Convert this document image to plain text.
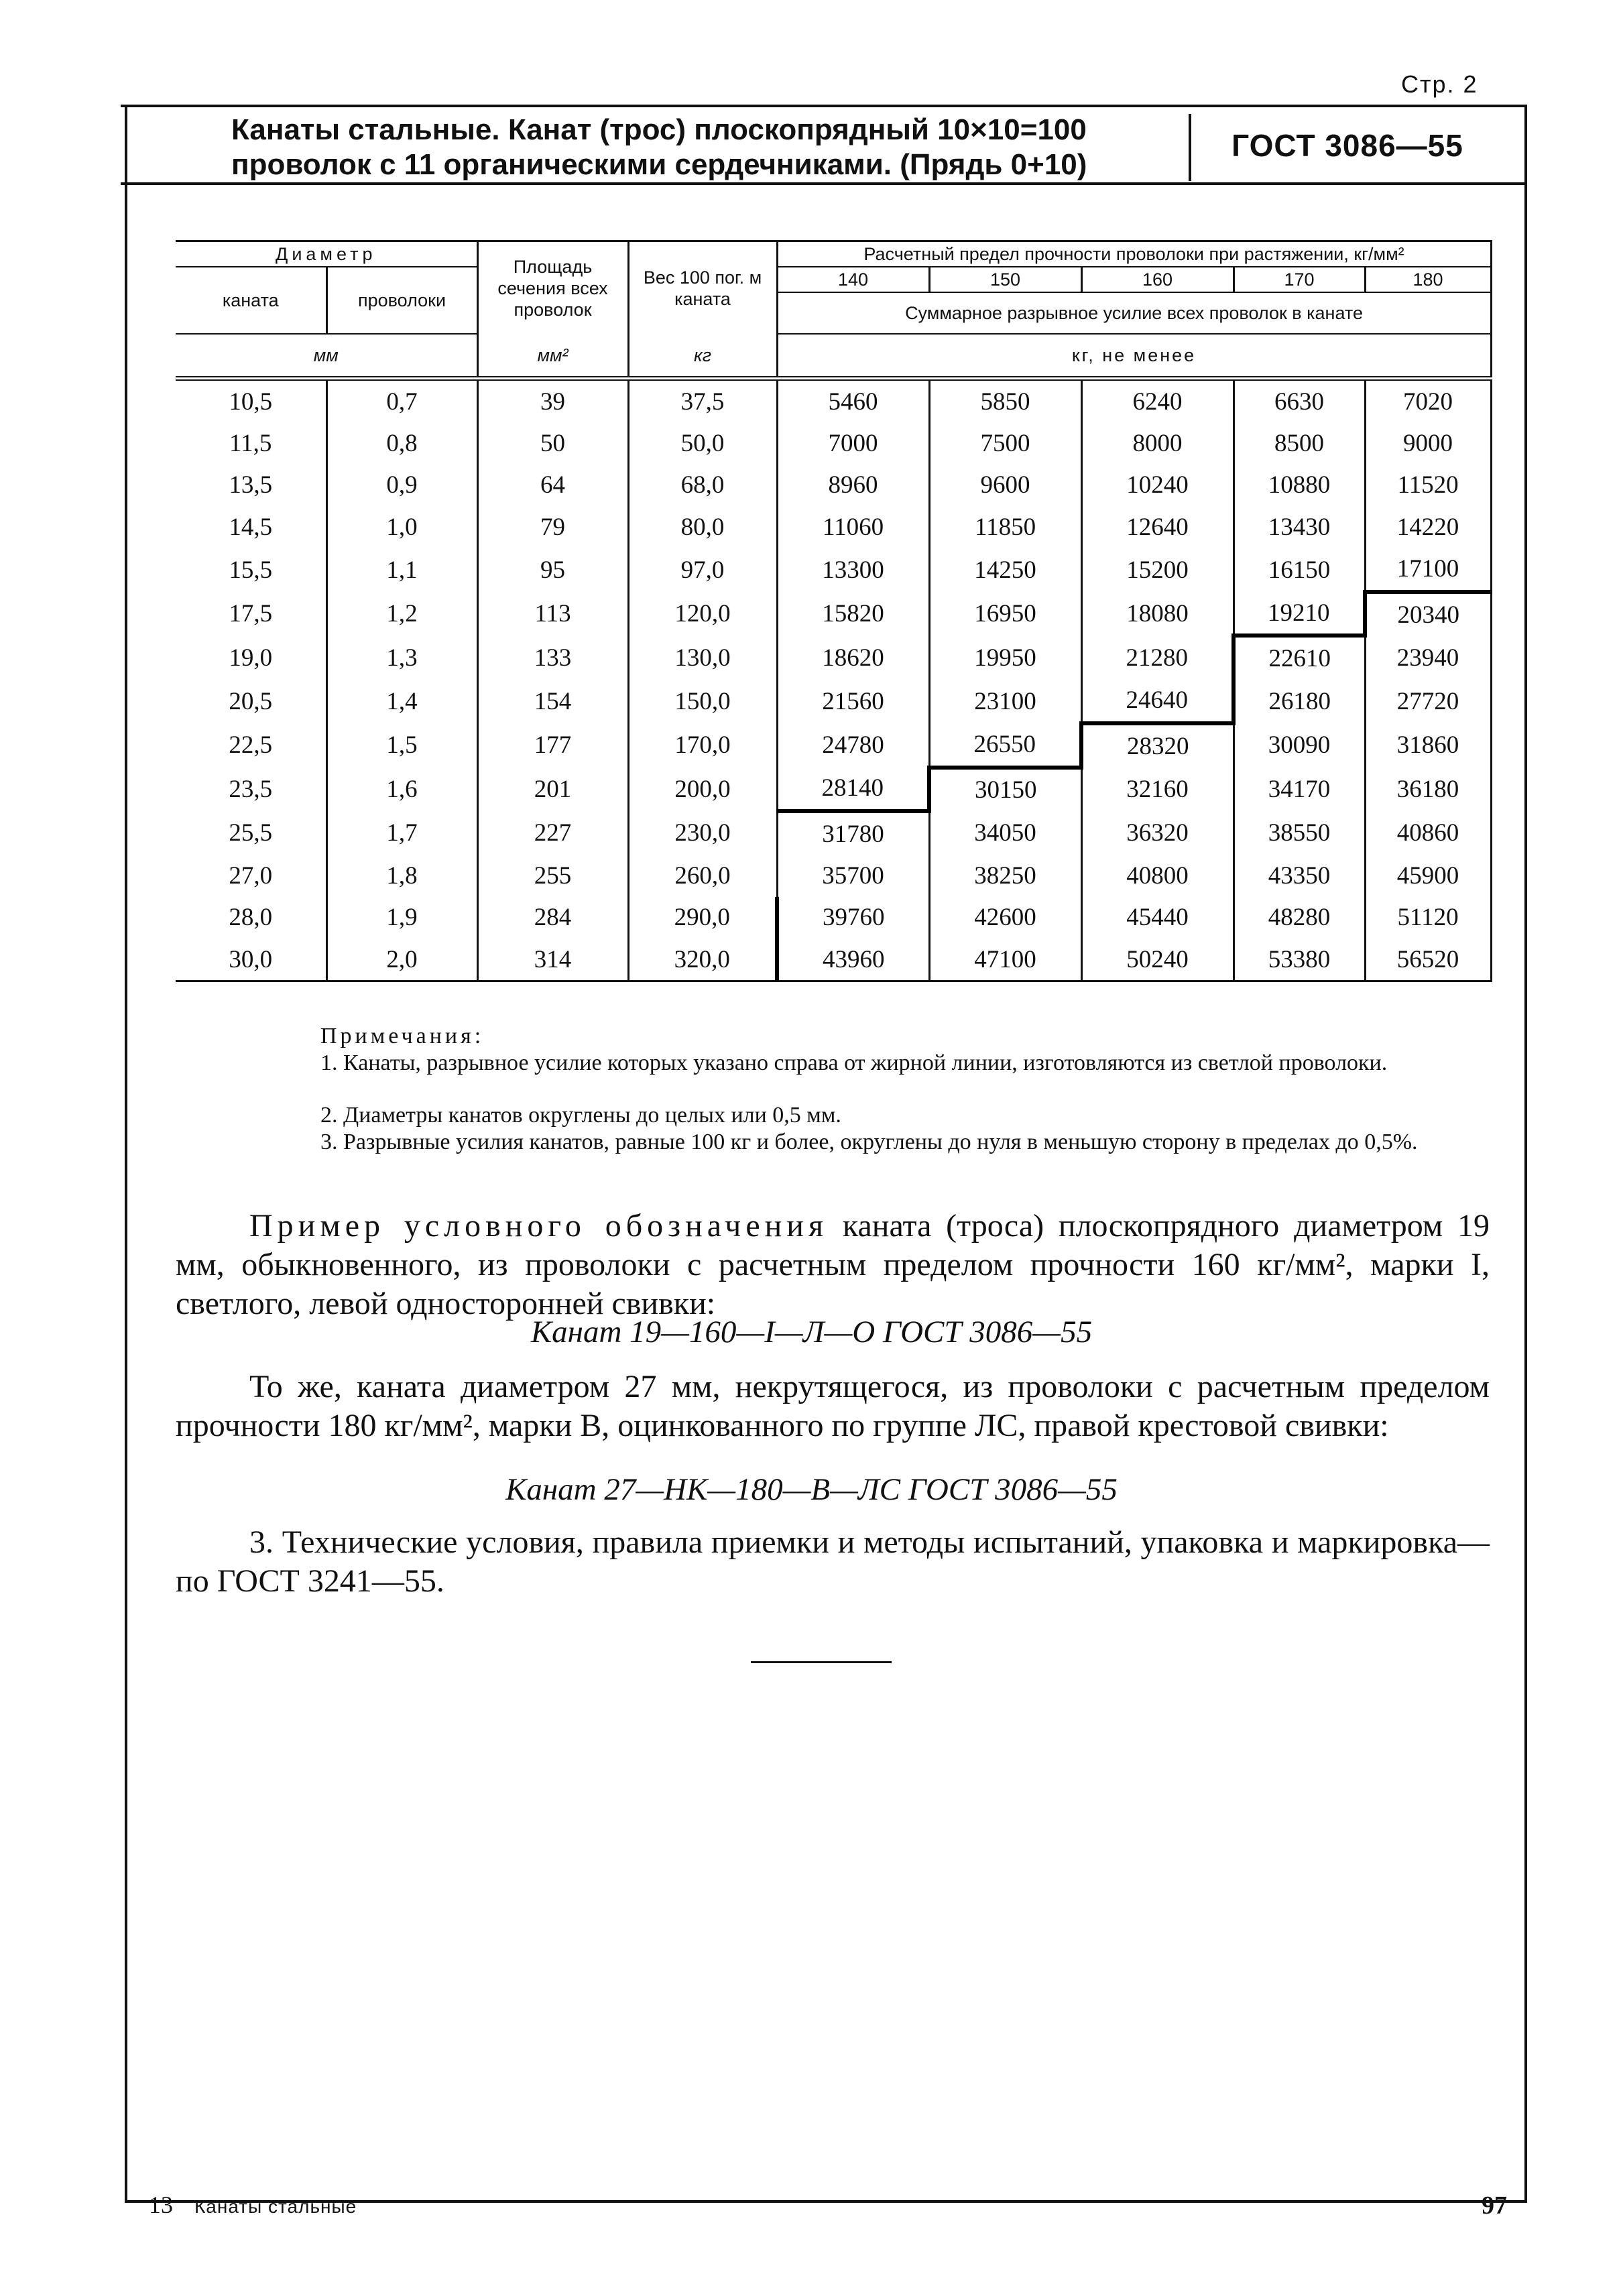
Стр. 2
Канаты стальные. Канат (трос) плоскопрядный 10×10=100
проволок с 11 органическими сердечниками. (Прядь 0+10)
ГОСТ 3086—55
Диаметр		Площадь сечения всех проволок	Вес 100 пог. м каната	Расчетный предел прочности проволоки при растяжении, кг/мм²				
каната	проволоки			140	150	160	170	180
				Суммарное разрывное усилие всех проволок в канате				
мм		мм²	кг	кг, не менее				
10,5	0,7	39	37,5	5460	5850	6240	6630	7020
11,5	0,8	50	50,0	7000	7500	8000	8500	9000
13,5	0,9	64	68,0	8960	9600	10240	10880	11520
14,5	1,0	79	80,0	11060	11850	12640	13430	14220
15,5	1,1	95	97,0	13300	14250	15200	16150	17100
17,5	1,2	113	120,0	15820	16950	18080	19210	20340
19,0	1,3	133	130,0	18620	19950	21280	22610	23940
20,5	1,4	154	150,0	21560	23100	24640	26180	27720
22,5	1,5	177	170,0	24780	26550	28320	30090	31860
23,5	1,6	201	200,0	28140	30150	32160	34170	36180
25,5	1,7	227	230,0	31780	34050	36320	38550	40860
27,0	1,8	255	260,0	35700	38250	40800	43350	45900
28,0	1,9	284	290,0	39760	42600	45440	48280	51120
30,0	2,0	314	320,0	43960	47100	50240	53380	56520
Примечания:
1. Канаты, разрывное усилие которых указано справа от жирной линии, изготовляются из светлой проволоки.
2. Диаметры канатов округлены до целых или 0,5 мм.
3. Разрывные усилия канатов, равные 100 кг и более, округлены до нуля в меньшую сторону в пределах до 0,5%.
Пример условного обозначения каната (троса) плоскопрядного диаметром 19 мм, обыкновенного, из проволоки с расчетным пределом прочности 160 кг/мм², марки I, светлого, левой односторонней свивки:
Канат 19—160—I—Л—О ГОСТ 3086—55
То же, каната диаметром 27 мм, некрутящегося, из проволоки с расчетным пределом прочности 180 кг/мм², марки В, оцинкованного по группе ЛС, правой крестовой свивки:
Канат 27—НК—180—В—ЛС ГОСТ 3086—55
3. Технические условия, правила приемки и методы испытаний, упаковка и маркировка—по ГОСТ 3241—55.
13 Канаты стальные	97
